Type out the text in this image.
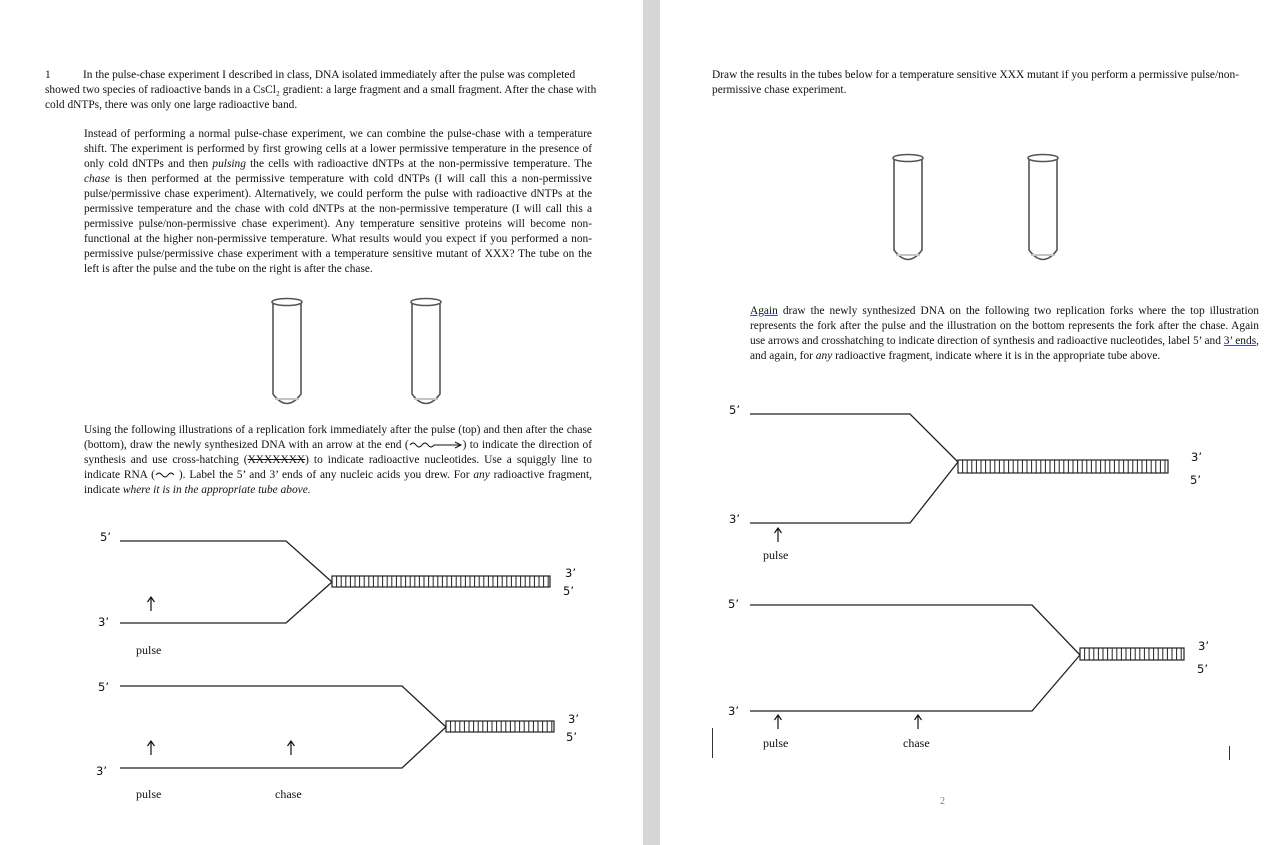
1	In the pulse-chase experiment I described in class, DNA isolated immediately after the pulse was completed showed two species of radioactive bands in a CsCl₂ gradient: a large fragment and a small fragment. After the chase with cold dNTPs, there was only one large radioactive band.
Instead of performing a normal pulse-chase experiment, we can combine the pulse-chase with a temperature shift. The experiment is performed by first growing cells at a lower permissive temperature in the presence of only cold dNTPs and then pulsing the cells with radioactive dNTPs at the non-permissive temperature. The chase is then performed at the permissive temperature with cold dNTPs (I will call this a non-permissive pulse/permissive chase experiment). Alternatively, we could perform the pulse with radioactive dNTPs at the permissive temperature and the chase with cold dNTPs at the non-permissive temperature (I will call this a permissive pulse/non-permissive chase experiment). Any temperature sensitive proteins will become non-functional at the higher non-permissive temperature. What results would you expect if you performed a non-permissive pulse/permissive chase experiment with a temperature sensitive mutant of XXX? The tube on the left is after the pulse and the tube on the right is after the chase.
Using the following illustrations of a replication fork immediately after the pulse (top) and then after the chase (bottom), draw the newly synthesized DNA with an arrow at the end (	) to indicate the direction of synthesis and use cross-hatching (XXXXXXX) to indicate radioactive nucleotides. Use a squiggly line to indicate RNA ( ). Label the 5’ and 3’ ends of any nucleic acids you drew. For any radioactive fragment, indicate where it is in the appropriate tube above.
5’
3’
3’
5’
pulse
5’
3’
3’
5’
pulse	chase
Draw the results in the tubes below for a temperature sensitive XXX mutant if you perform a permissive pulse/non-permissive chase experiment.
Again draw the newly synthesized DNA on the following two replication forks where the top illustration represents the fork after the pulse and the illustration on the bottom represents the fork after the chase. Again use arrows and crosshatching to indicate direction of synthesis and radioactive nucleotides, label 5’ and 3’ ends, and again, for any radioactive fragment, indicate where it is in the appropriate tube above.
5’
3’
3’
5’
pulse
5’
3’
3’
5’
pulse	chase
2
